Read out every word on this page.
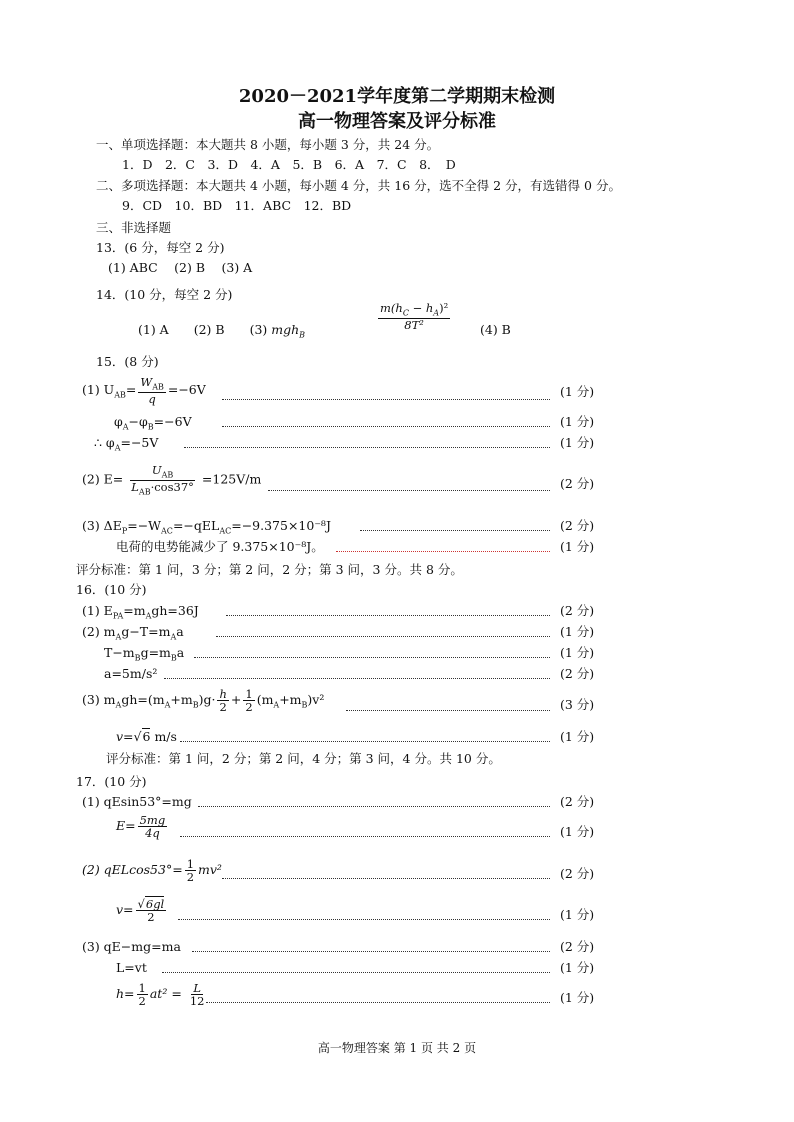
2020－2021学年度第二学期期末检测
高一物理答案及评分标准
一、单项选择题：本大题共 8 小题，每小题 3 分，共 24 分。
1．D　2．C　3．D　4．A　5．B　6．A　7．C　8．　D
二、多项选择题：本大题共 4 小题，每小题 4 分，共 16 分，选不全得 2 分，有选错得 0 分。
9．CD　10．BD　11．ABC　12．BD
三、非选择题
13．(6 分，每空 2 分)
(1) ABC　 (2) B　 (3) A
14．(10 分，每空 2 分)
(1) A　　(2) B　　(3) mgh$_B$
$\frac{m(h_C - h_A)^2}{\text{8T²}} (4)$ B
15．(8 分)
(1) $U_{AB}= \frac{W_{AB}}{q} =-6V$	(1 分)
$\varphi_A-\varphi_B=-6V$	(1 分)
∴ $\varphi_A=-5V$	(1 分)
(2) $E= \frac{U_{AB}}{L_{AB}\cdot\cos 37^\circ} =125V/m$	(2 分)
(3) $\Delta E_P=-W_{AC}=-qEL_{AC}=-9.375\times 10^{-8}J$	(2 分)
电荷的电势能减少了 9.375×10⁻⁸J。	(1 分)
评分标准：第 1 问，3 分；第 2 问，2 分；第 3 问，3 分。共 8 分。
16．(10 分)
(1) $E_{PA}=m_Agh=36J$	(2 分)
(2) $m_Ag-T=m_Aa$	(1 分)
$T-m_Bg=m_Ba$	(1 分)
a=5m/s²	(2 分)
(3) $m_Agh=(m_A+m_B)g\cdot \frac{h}{2} + \frac{1}{2} (m_A+m_B)v^2$	(3 分)
v=√6 m/s	(1 分)
评分标准：第 1 问，2 分；第 2 问，4 分；第 3 问，4 分。共 10 分。
17．(10 分)
(1) qEsin53°=mg	(2 分)
$E= \frac{5mg}{4q}$	(1 分)
(2) $qELcos53^\circ= \frac{1}{2} mv^2$	(2 分)
$v= \frac{√6gl}{2}$	(1 分)
(3) qE−mg=ma	(2 分)
L=vt	(1 分)
$h= \frac{1}{2} at^2 = \frac{L}{12}$	(1 分)
高一物理答案 第 1 页 共 2 页
